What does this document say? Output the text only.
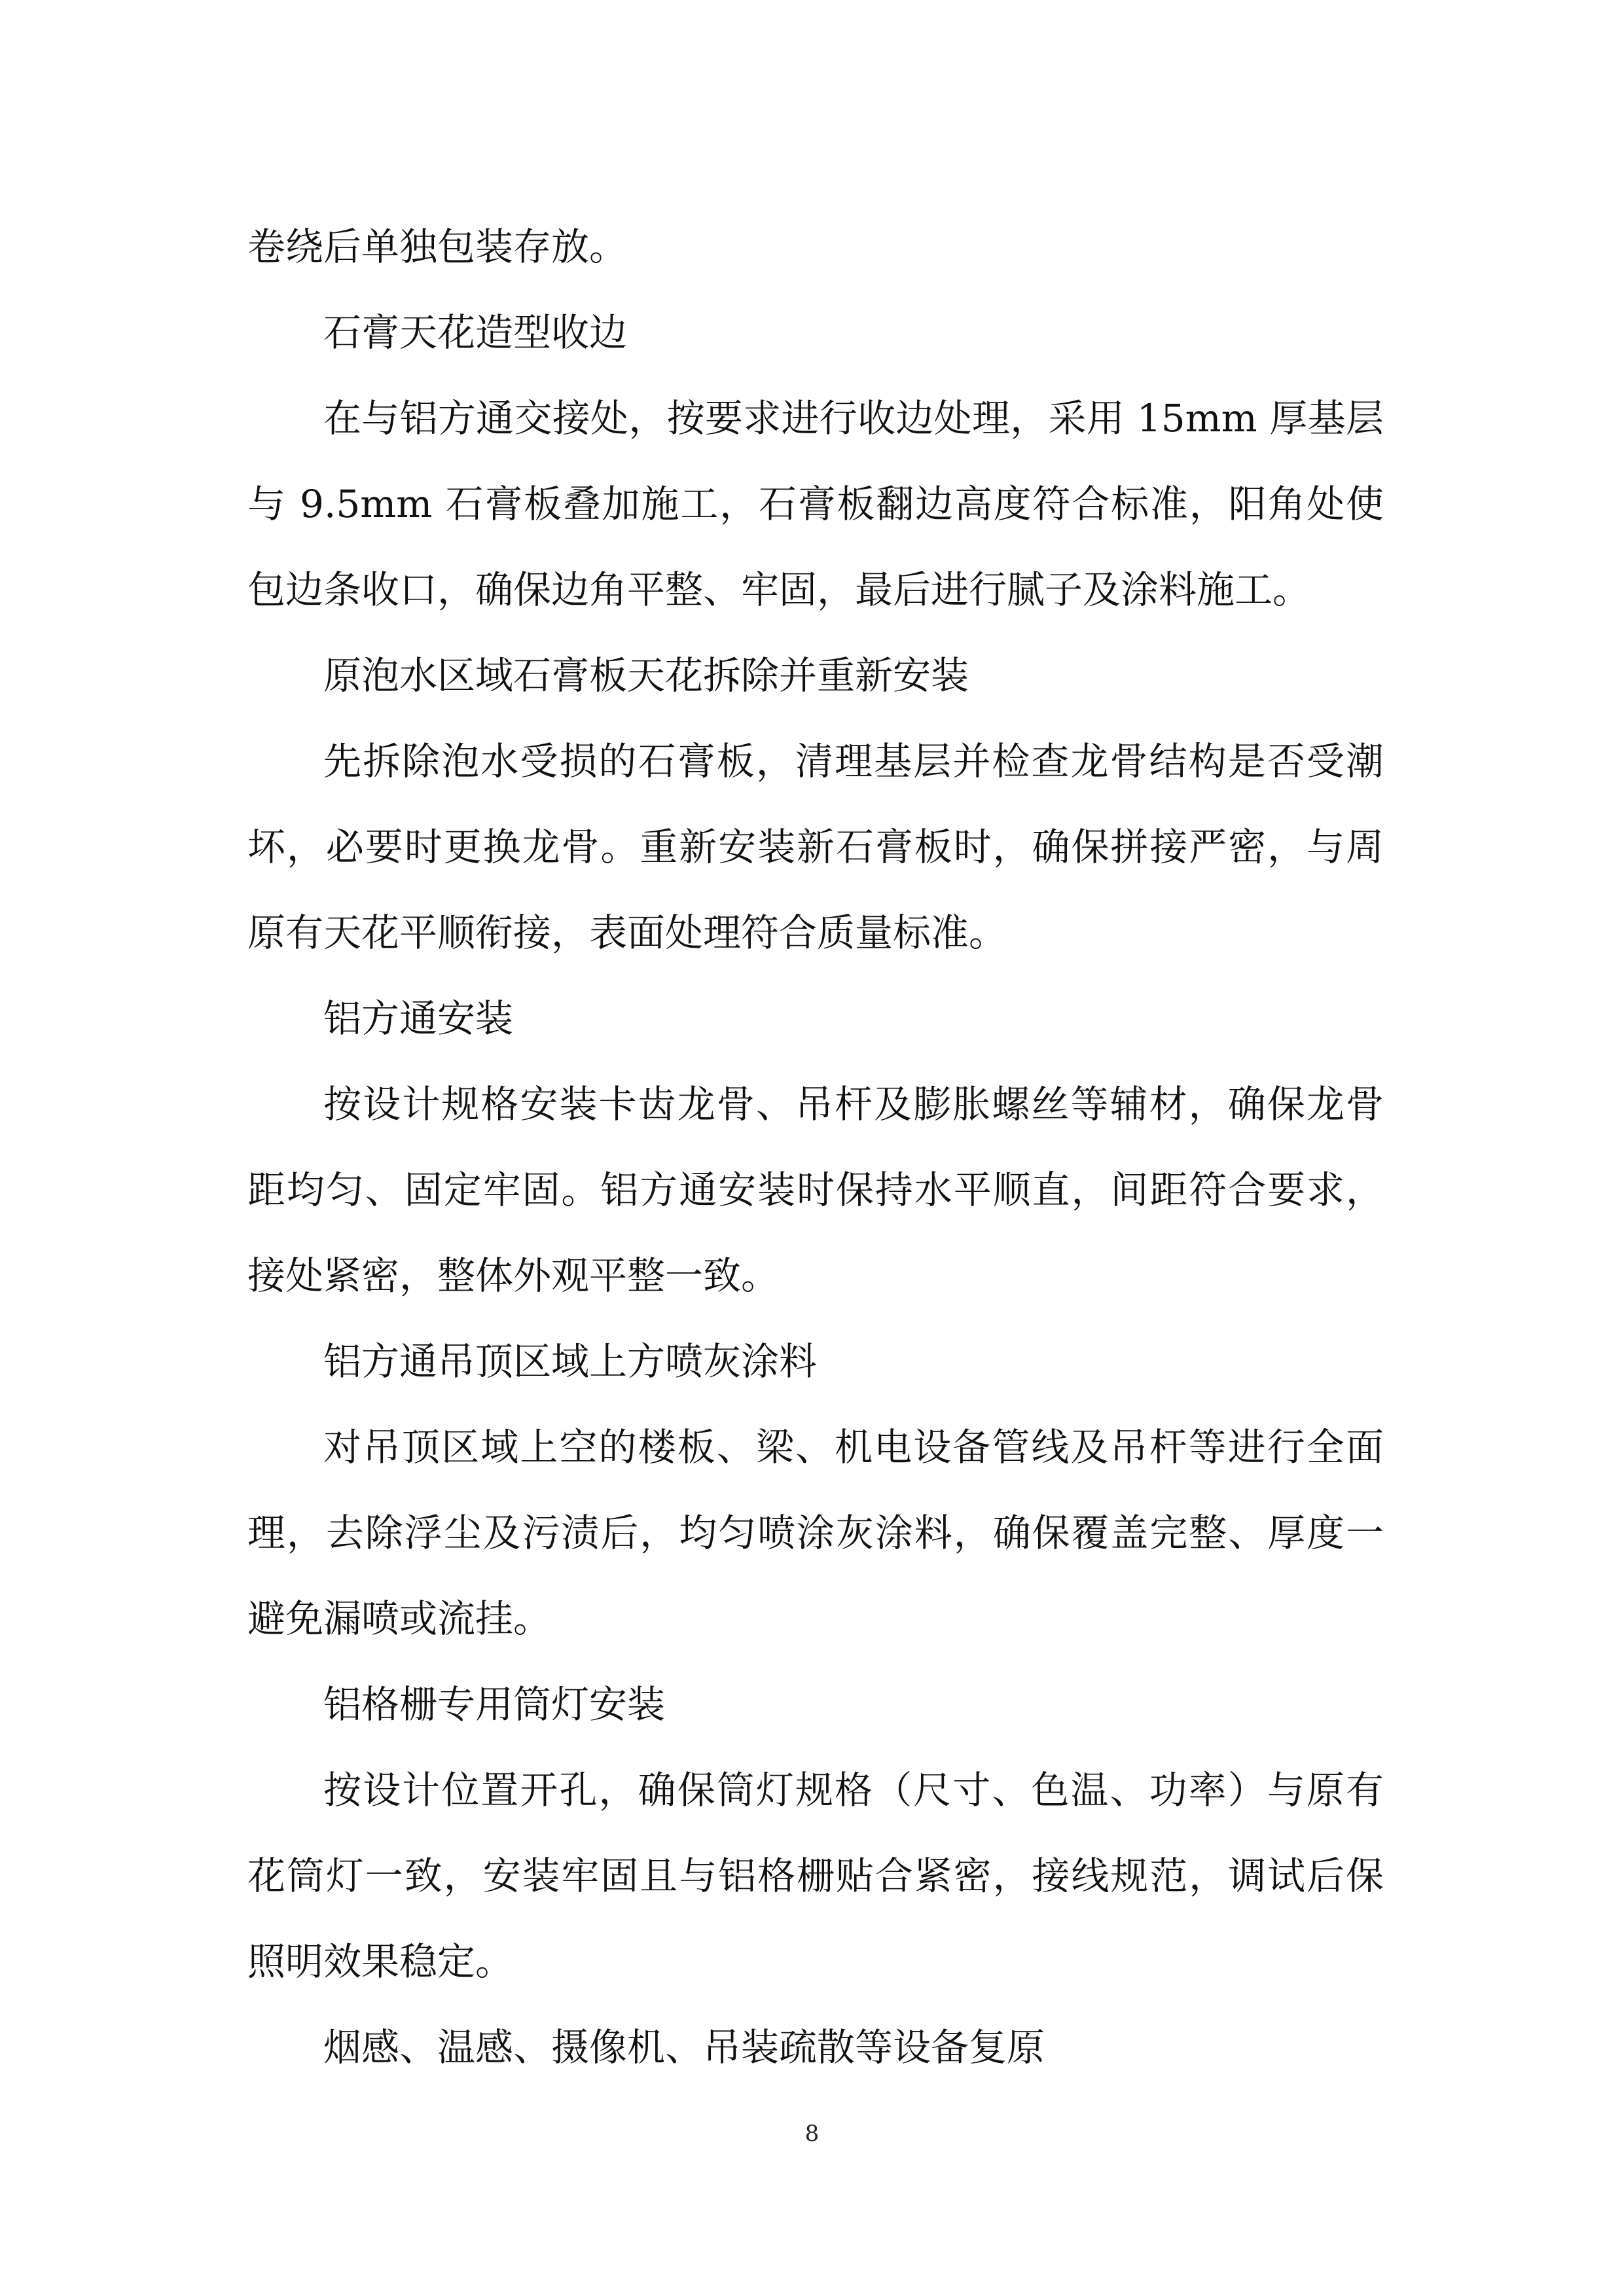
卷绕后单独包装存放。
石膏天花造型收边
在与铝方通交接处，按要求进行收边处理，采用 15mm 厚基层
与 9.5mm 石膏板叠加施工，石膏板翻边高度符合标准，阳角处使
包边条收口，确保边角平整、牢固，最后进行腻子及涂料施工。
原泡水区域石膏板天花拆除并重新安装
先拆除泡水受损的石膏板，清理基层并检查龙骨结构是否受潮
坏，必要时更换龙骨。重新安装新石膏板时，确保拼接严密，与周
原有天花平顺衔接，表面处理符合质量标准。
铝方通安装
按设计规格安装卡齿龙骨、吊杆及膨胀螺丝等辅材，确保龙骨
距均匀、固定牢固。铝方通安装时保持水平顺直，间距符合要求，
接处紧密，整体外观平整一致。
铝方通吊顶区域上方喷灰涂料
对吊顶区域上空的楼板、梁、机电设备管线及吊杆等进行全面
理，去除浮尘及污渍后，均匀喷涂灰涂料，确保覆盖完整、厚度一
避免漏喷或流挂。
铝格栅专用筒灯安装
按设计位置开孔，确保筒灯规格（尺寸、色温、功率）与原有
花筒灯一致，安装牢固且与铝格栅贴合紧密，接线规范，调试后保
照明效果稳定。
烟感、温感、摄像机、吊装疏散等设备复原
8
